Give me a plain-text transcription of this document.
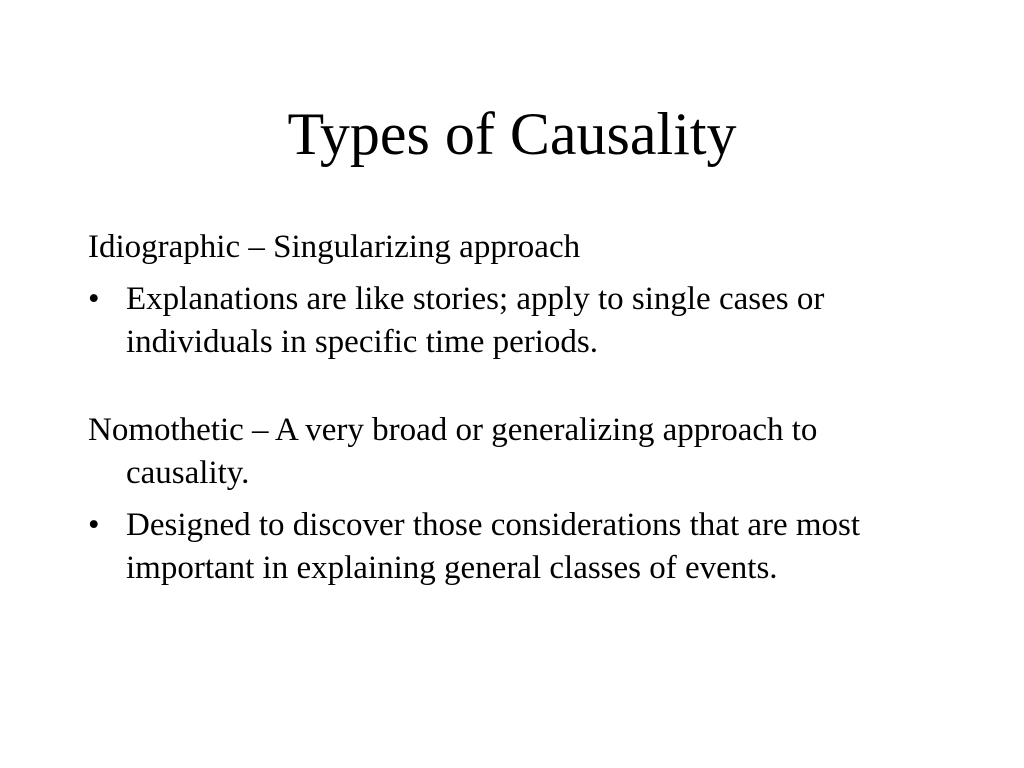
Types of Causality

Idiographic – Singularizing approach

• Explanations are like stories; apply to single cases or individuals in specific time periods.

Nomothetic – A very broad or generalizing approach to causality.

• Designed to discover those considerations that are most important in explaining general classes of events.
